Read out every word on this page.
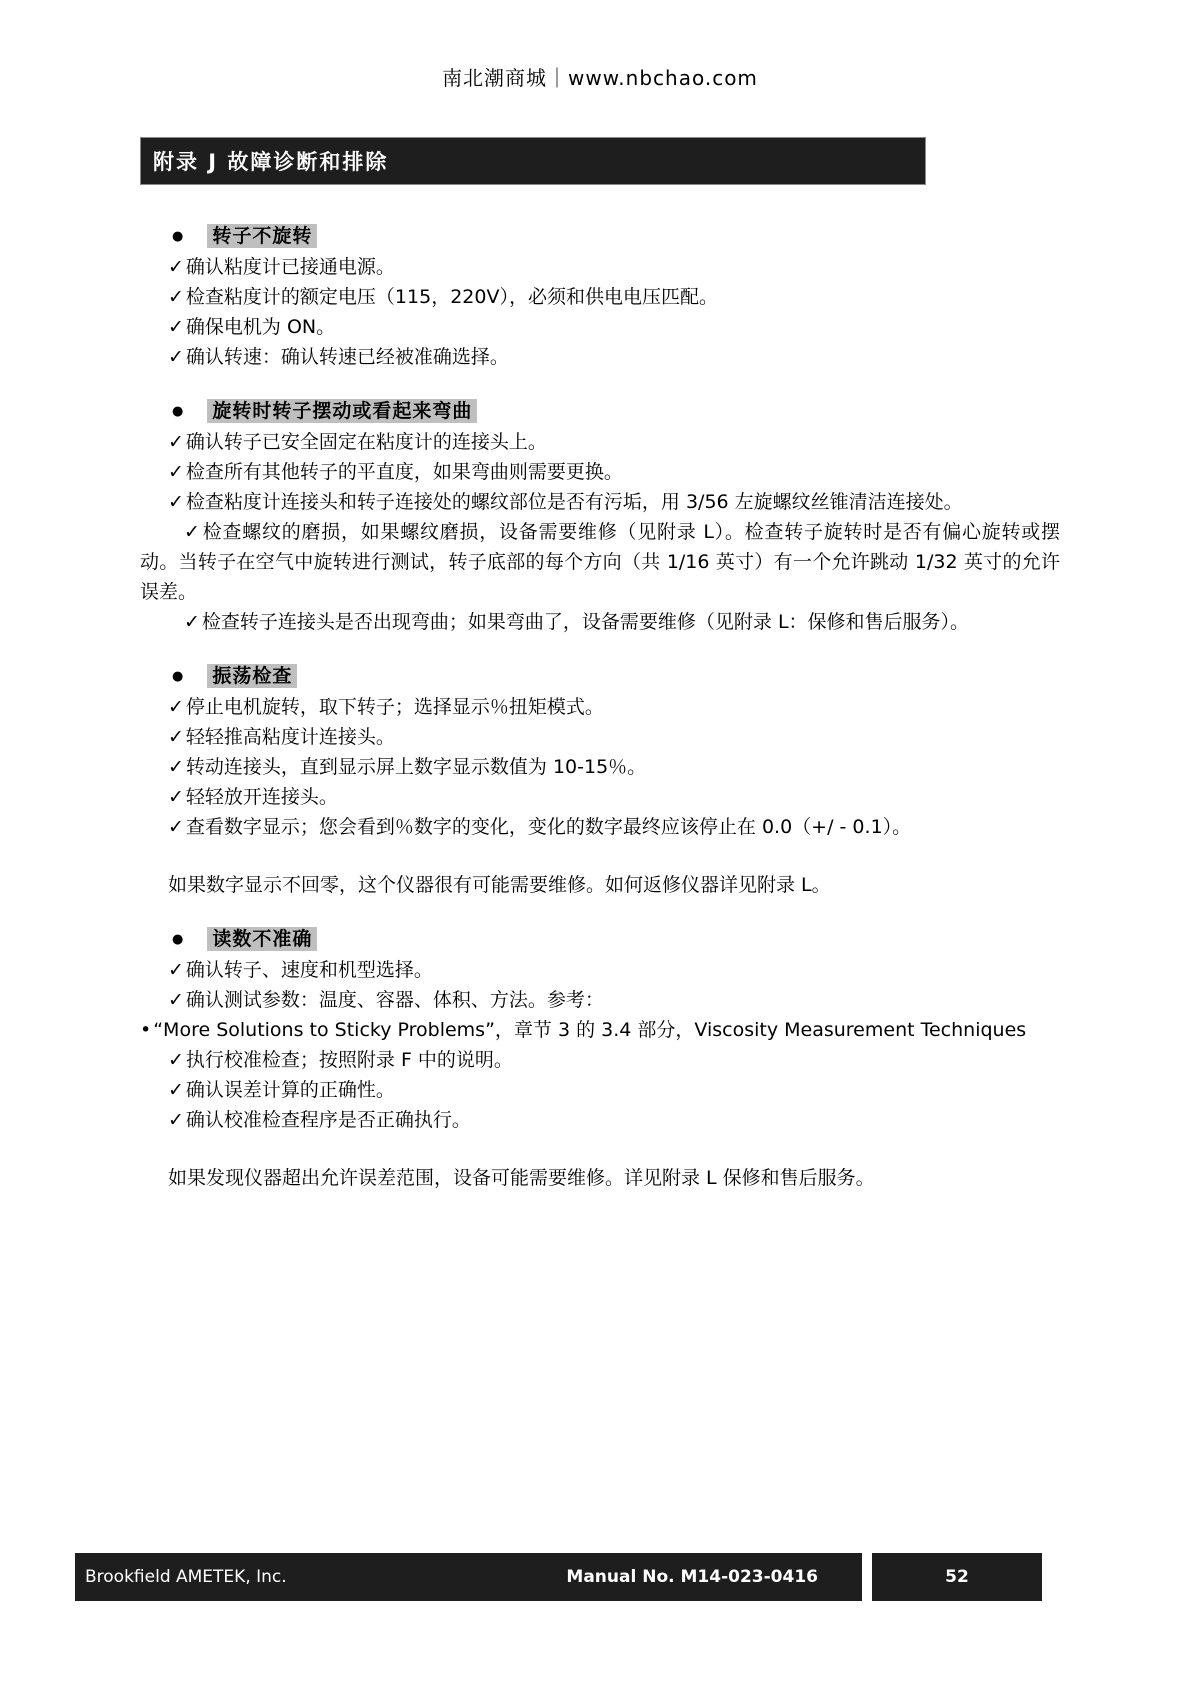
南北潮商城｜www.nbchao.com
附录 J 故障诊断和排除
● 转子不旋转

✓ 确认粘度计已接通电源。

✓ 检查粘度计的额定电压（115，220V），必须和供电电压匹配。

✓ 确保电机为 ON。

✓ 确认转速：确认转速已经被准确选择。

● 旋转时转子摆动或看起来弯曲

✓ 确认转子已安全固定在粘度计的连接头上。

✓ 检查所有其他转子的平直度，如果弯曲则需要更换。

✓ 检查粘度计连接头和转子连接处的螺纹部位是否有污垢，用 3/56 左旋螺纹丝锥清洁连接处。

✓ 检查螺纹的磨损，如果螺纹磨损，设备需要维修（见附录 L）。检查转子旋转时是否有偏心旋转或摆动。当转子在空气中旋转进行测试，转子底部的每个方向（共 1/16 英寸）有一个允许跳动 1/32 英寸的允许误差。

✓ 检查转子连接头是否出现弯曲；如果弯曲了，设备需要维修（见附录 L：保修和售后服务）。

● 振荡检查

✓ 停止电机旋转，取下转子；选择显示％扭矩模式。

✓ 轻轻推高粘度计连接头。

✓ 转动连接头，直到显示屏上数字显示数值为 10-15％。

✓ 轻轻放开连接头。

✓ 查看数字显示；您会看到％数字的变化，变化的数字最终应该停止在 0.0（+/ - 0.1）。

如果数字显示不回零，这个仪器很有可能需要维修。如何返修仪器详见附录 L。

● 读数不准确

✓ 确认转子、速度和机型选择。

✓ 确认测试参数：温度、容器、体积、方法。参考：

• “More Solutions to Sticky Problems”，章节 3 的 3.4 部分，Viscosity Measurement Techniques

✓ 执行校准检查；按照附录 F 中的说明。

✓ 确认误差计算的正确性。

✓ 确认校准检查程序是否正确执行。

如果发现仪器超出允许误差范围，设备可能需要维修。详见附录 L 保修和售后服务。

Brookfield AMETEK, Inc.	Manual No. M14-023-0416	52
